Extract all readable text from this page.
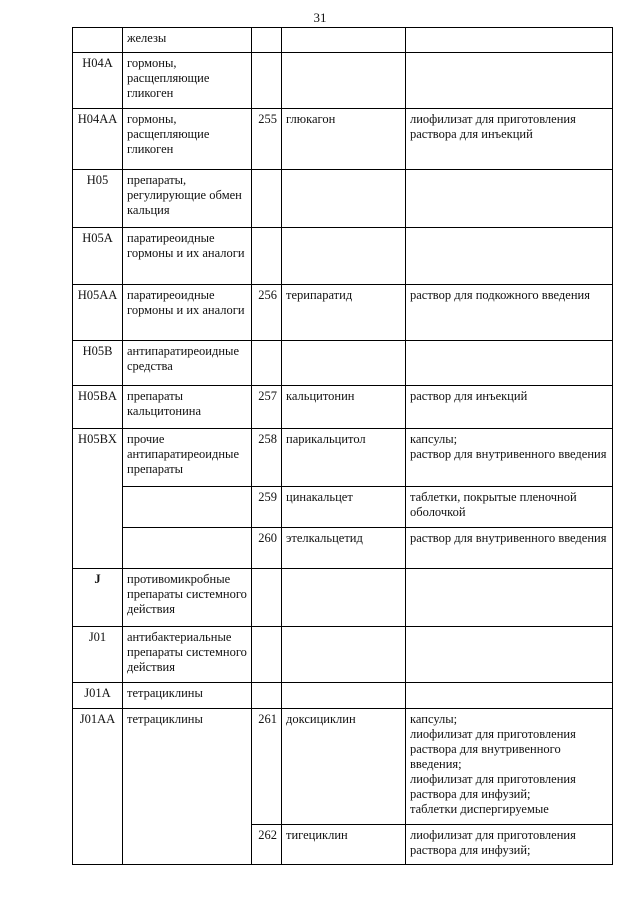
31
	железы			
H04A	гормоны, расщепляющие гликоген			
H04AA	гормоны, расщепляющие гликоген	255	глюкагон	лиофилизат для приготовления раствора для инъекций
H05	препараты, регулирующие обмен кальция			
H05A	паратиреоидные гормоны и их аналоги			
H05AA	паратиреоидные гормоны и их аналоги	256	терипаратид	раствор для подкожного введения
H05B	антипаратиреоидные средства			
H05BA	препараты кальцитонина	257	кальцитонин	раствор для инъекций
H05BX	прочие антипаратиреоидные препараты	258	парикальцитол	капсулы;
раствор для внутривенного введения
		259	цинакальцет	таблетки, покрытые пленочной оболочкой
		260	этелкальцетид	раствор для внутривенного введения
J	противомикробные препараты системного действия			
J01	антибактериальные препараты системного действия			
J01A	тетрациклины			
J01AA	тетрациклины	261	доксициклин	капсулы;
лиофилизат для приготовления раствора для внутривенного введения;
лиофилизат для приготовления раствора для инфузий;
таблетки диспергируемые
		262	тигециклин	лиофилизат для приготовления раствора для инфузий;
